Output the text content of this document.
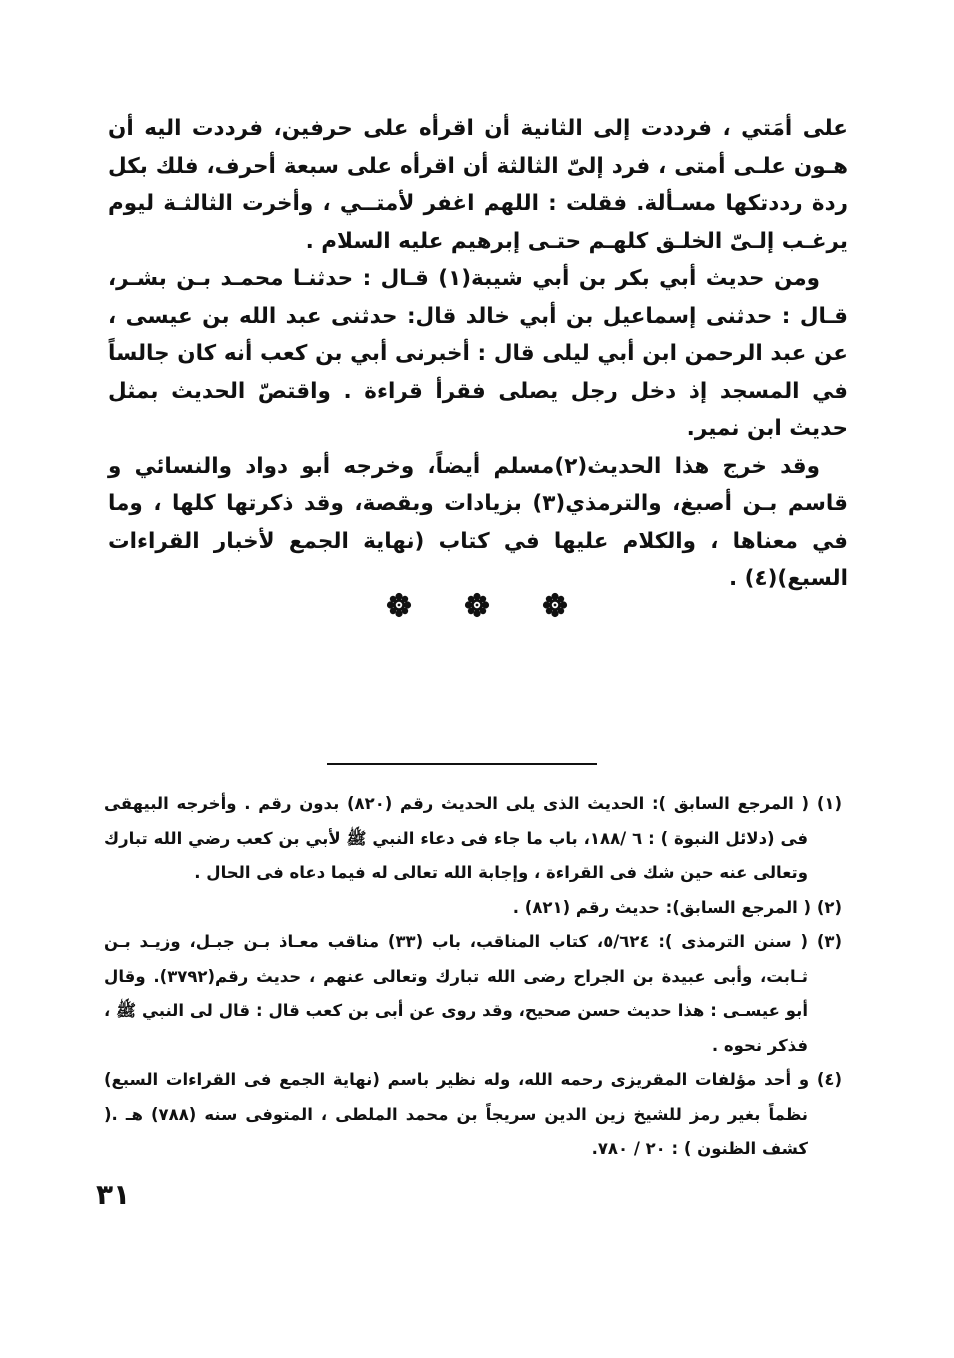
على أمَتي ، فرددت إلى الثانية أن اقرأه على حرفين، فرددت اليه أن هـون علـى أمتى ، فرد إلىّ الثالثة أن اقرأه على سبعة أحرف، فلك بكل ردة رددتكها مسـألة. فقلت : اللهم اغفر لأمتــي ، وأخرت الثالثـة ليوم يرغـب إلـىّ الخلـق كلهـم حتـى إبرهيم عليه السلام .

ومن حديث أبي بكر بن أبي شيبة(١) قـال : حدثنـا محمـد بـن بشـر، قـال : حدثنى إسماعيل بن أبي خالد قال: حدثنى عبد الله بن عيسى ، عن عبد الرحمن ابن أبي ليلى قال : أخبرنى أبي بن كعب أنه كان جالساً في المسجد إذ دخل رجل يصلى فقرأ قراءة . واقتصّ الحديث بمثل حديث ابن نمير.

وقد خرج هذا الحديث(٢)مسلم أيضاً، وخرجه أبو دواد والنسائي و قاسم بـن أصبغ، والترمذي(٣) بزيادات وبقصة، وقد ذكرتها كلها ، وما في معناها ، والكلام عليها في كتاب (نهاية الجمع لأخبار القراءات السبع)(٤) .

(١) ( المرجع السابق ): الحديث الذى يلى الحديث رقم (٨٢٠) بدون رقم . وأخرجه البيهقى فى (دلائل النبوة ) : ٦ /١٨٨، باب ما جاء فى دعاء النبي ﷺ لأبي بن كعب رضي الله تبارك وتعالى عنه حين شك فى القراءة ، وإجابة الله تعالى له فيما دعاه فى الحال .

(٢) ( المرجع السابق): حديث رقم (٨٢١) .

(٣) ( سنن الترمذى ): ٥/٦٢٤، كتاب المناقب، باب (٣٣) مناقب معـاذ بـن جبـل، وزيـد بـن ثـابت، وأبى عبيدة بن الجراح رضى الله تبارك وتعالى عنهم ، حديث رقم(٣٧٩٢). وقال أبو عيسـى : هذا حديث حسن صحيح، وقد روى عن أبى بن كعب قال : قال لى النبي ﷺ ، فذكر نحوه .

(٤) و أحد مؤلفات المقريزى رحمه الله، وله نظير باسم (نهاية الجمع فى القراءات السبع) نظماً بغير رمز للشيخ زين الدين سريجاً بن محمد الملطى ، المتوفى سنه (٧٨٨) هـ .( كشف الظنون ) : ٢٠ / ٧٨٠.

٣١
